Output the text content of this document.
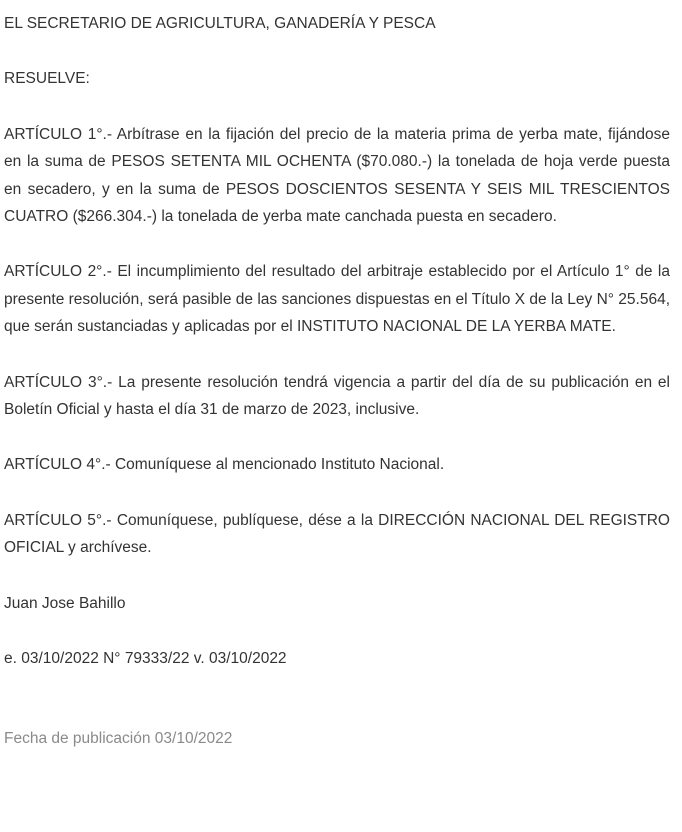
EL SECRETARIO DE AGRICULTURA, GANADERÍA Y PESCA

RESUELVE:

ARTÍCULO 1°.- Arbítrase en la fijación del precio de la materia prima de yerba mate, fijándose en la suma de PESOS SETENTA MIL OCHENTA ($70.080.-) la tonelada de hoja verde puesta en secadero, y en la suma de PESOS DOSCIENTOS SESENTA Y SEIS MIL TRESCIENTOS CUATRO ($266.304.-) la tonelada de yerba mate canchada puesta en secadero.

ARTÍCULO 2°.- El incumplimiento del resultado del arbitraje establecido por el Artículo 1° de la presente resolución, será pasible de las sanciones dispuestas en el Título X de la Ley N° 25.564, que serán sustanciadas y aplicadas por el INSTITUTO NACIONAL DE LA YERBA MATE.

ARTÍCULO 3°.- La presente resolución tendrá vigencia a partir del día de su publicación en el Boletín Oficial y hasta el día 31 de marzo de 2023, inclusive.

ARTÍCULO 4°.- Comuníquese al mencionado Instituto Nacional.

ARTÍCULO 5°.- Comuníquese, publíquese, dése a la DIRECCIÓN NACIONAL DEL REGISTRO OFICIAL y archívese.

Juan Jose Bahillo

e. 03/10/2022 N° 79333/22 v. 03/10/2022

Fecha de publicación 03/10/2022
